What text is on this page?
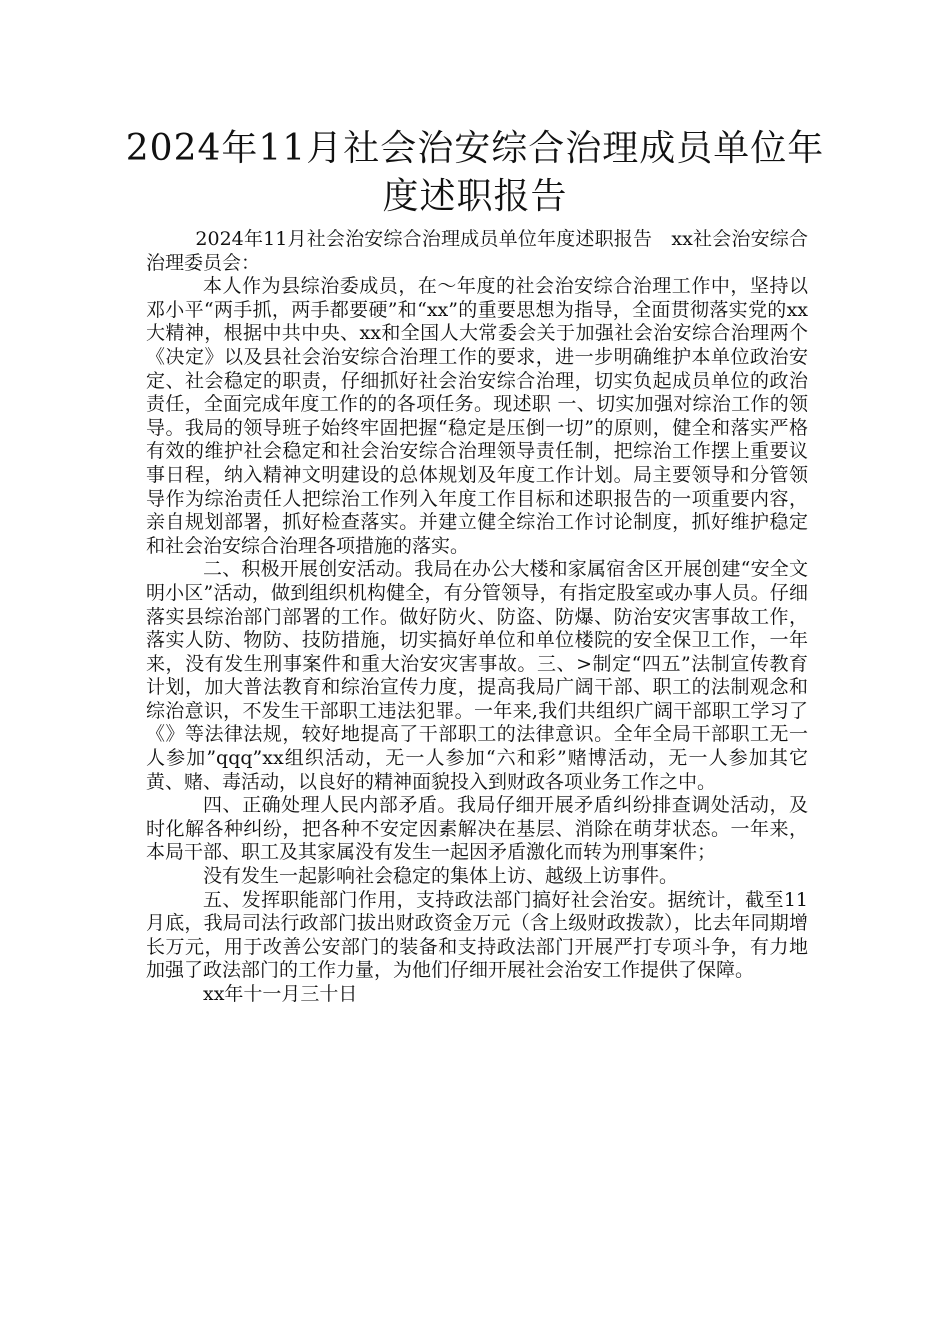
2024年11月社会治安综合治理成员单位年
度述职报告

2024年11月社会治安综合治理成员单位年度述职报告　xx社会治安综合治理委员会：

本人作为县综治委成员，在～年度的社会治安综合治理工作中，坚持以邓小平“两手抓，两手都要硬”和“xx”的重要思想为指导，全面贯彻落实党的xx大精神，根据中共中央、xx和全国人大常委会关于加强社会治安综合治理两个《决定》以及县社会治安综合治理工作的要求，进一步明确维护本单位政治安定、社会稳定的职责，仔细抓好社会治安综合治理，切实负起成员单位的政治责任，全面完成年度工作的的各项任务。现述职 一、切实加强对综治工作的领导。我局的领导班子始终牢固把握“稳定是压倒一切”的原则，健全和落实严格有效的维护社会稳定和社会治安综合治理领导责任制，把综治工作摆上重要议事日程，纳入精神文明建设的总体规划及年度工作计划。局主要领导和分管领导作为综治责任人把综治工作列入年度工作目标和述职报告的一项重要内容，亲自规划部署，抓好检查落实。并建立健全综治工作讨论制度，抓好维护稳定和社会治安综合治理各项措施的落实。

二、积极开展创安活动。我局在办公大楼和家属宿舍区开展创建“安全文明小区”活动，做到组织机构健全，有分管领导，有指定股室或办事人员。仔细落实县综治部门部署的工作。做好防火、防盗、防爆、防治安灾害事故工作，落实人防、物防、技防措施，切实搞好单位和单位楼院的安全保卫工作，一年来，没有发生刑事案件和重大治安灾害事故。三、>制定“四五”法制宣传教育计划，加大普法教育和综治宣传力度，提高我局广阔干部、职工的法制观念和综治意识，不发生干部职工违法犯罪。一年来,我们共组织广阔干部职工学习了《》等法律法规，较好地提高了干部职工的法律意识。全年全局干部职工无一人参加”qqq”xx组织活动，无一人参加“六和彩”赌博活动，无一人参加其它黄、赌、毒活动，以良好的精神面貌投入到财政各项业务工作之中。

四、正确处理人民内部矛盾。我局仔细开展矛盾纠纷排查调处活动，及时化解各种纠纷，把各种不安定因素解决在基层、消除在萌芽状态。一年来，本局干部、职工及其家属没有发生一起因矛盾激化而转为刑事案件；

没有发生一起影响社会稳定的集体上访、越级上访事件。

五、发挥职能部门作用，支持政法部门搞好社会治安。据统计，截至11月底，我局司法行政部门拔出财政资金万元（含上级财政拨款），比去年同期增长万元，用于改善公安部门的装备和支持政法部门开展严打专项斗争，有力地加强了政法部门的工作力量，为他们仔细开展社会治安工作提供了保障。

xx年十一月三十日
